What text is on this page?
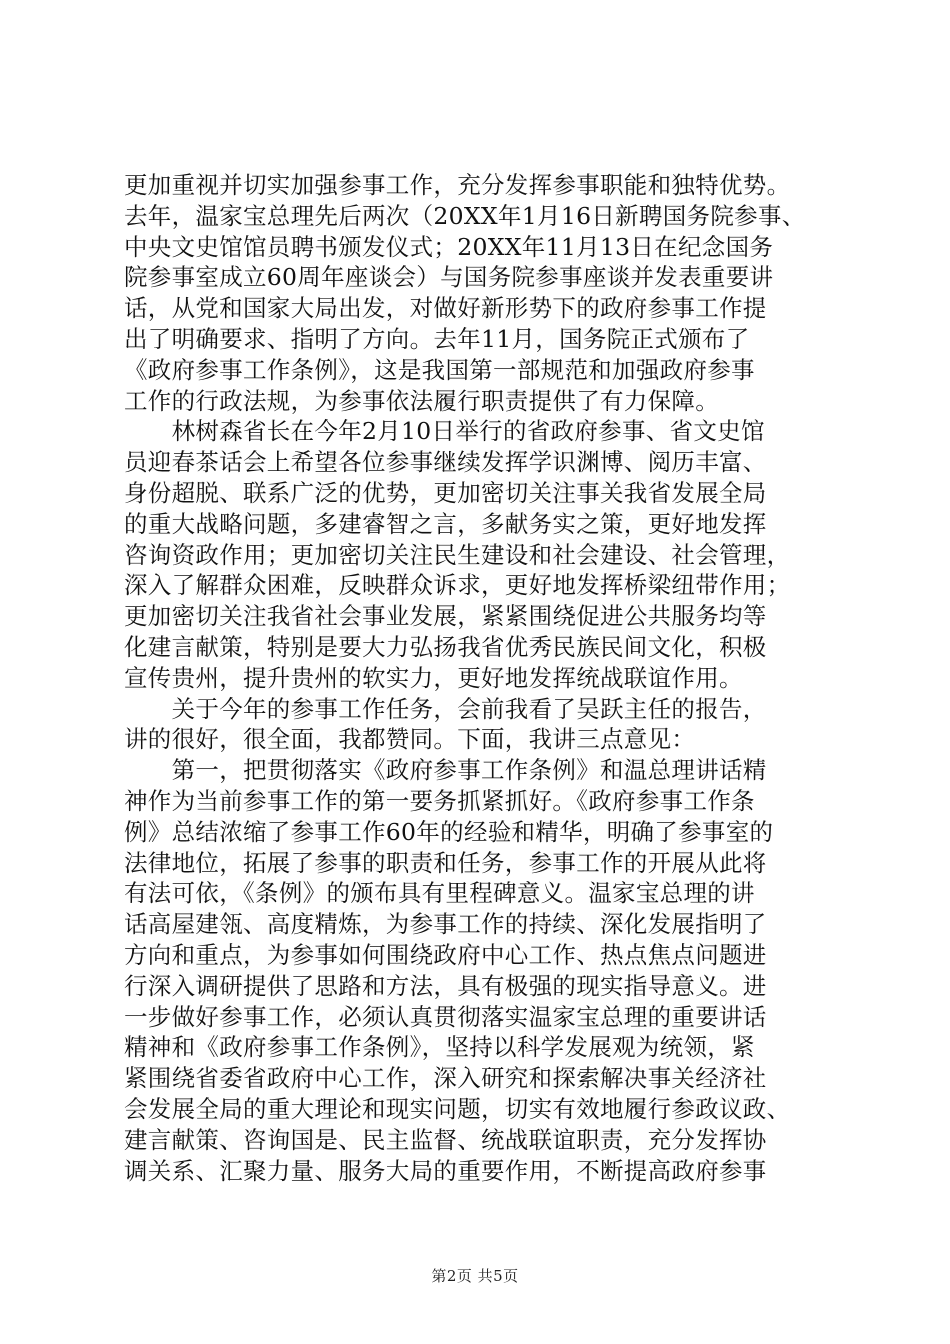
更加重视并切实加强参事工作，充分发挥参事职能和独特优势。
去年，温家宝总理先后两次（20XX年1月16日新聘国务院参事、
中央文史馆馆员聘书颁发仪式；20XX年11月13日在纪念国务
院参事室成立60周年座谈会）与国务院参事座谈并发表重要讲
话，从党和国家大局出发，对做好新形势下的政府参事工作提
出了明确要求、指明了方向。去年11月，国务院正式颁布了
《政府参事工作条例》，这是我国第一部规范和加强政府参事
工作的行政法规，为参事依法履行职责提供了有力保障。
　　林树森省长在今年2月10日举行的省政府参事、省文史馆
员迎春茶话会上希望各位参事继续发挥学识渊博、阅历丰富、
身份超脱、联系广泛的优势，更加密切关注事关我省发展全局
的重大战略问题，多建睿智之言，多献务实之策，更好地发挥
咨询资政作用；更加密切关注民生建设和社会建设、社会管理，
深入了解群众困难，反映群众诉求，更好地发挥桥梁纽带作用；
更加密切关注我省社会事业发展，紧紧围绕促进公共服务均等
化建言献策，特别是要大力弘扬我省优秀民族民间文化，积极
宣传贵州，提升贵州的软实力，更好地发挥统战联谊作用。
　　关于今年的参事工作任务，会前我看了吴跃主任的报告，
讲的很好，很全面，我都赞同。下面，我讲三点意见：
　　第一，把贯彻落实《政府参事工作条例》和温总理讲话精
神作为当前参事工作的第一要务抓紧抓好。《政府参事工作条
例》总结浓缩了参事工作60年的经验和精华，明确了参事室的
法律地位，拓展了参事的职责和任务，参事工作的开展从此将
有法可依，《条例》的颁布具有里程碑意义。温家宝总理的讲
话高屋建瓴、高度精炼，为参事工作的持续、深化发展指明了
方向和重点，为参事如何围绕政府中心工作、热点焦点问题进
行深入调研提供了思路和方法，具有极强的现实指导意义。进
一步做好参事工作，必须认真贯彻落实温家宝总理的重要讲话
精神和《政府参事工作条例》，坚持以科学发展观为统领，紧
紧围绕省委省政府中心工作，深入研究和探索解决事关经济社
会发展全局的重大理论和现实问题，切实有效地履行参政议政、
建言献策、咨询国是、民主监督、统战联谊职责，充分发挥协
调关系、汇聚力量、服务大局的重要作用，不断提高政府参事
第2页 共5页
